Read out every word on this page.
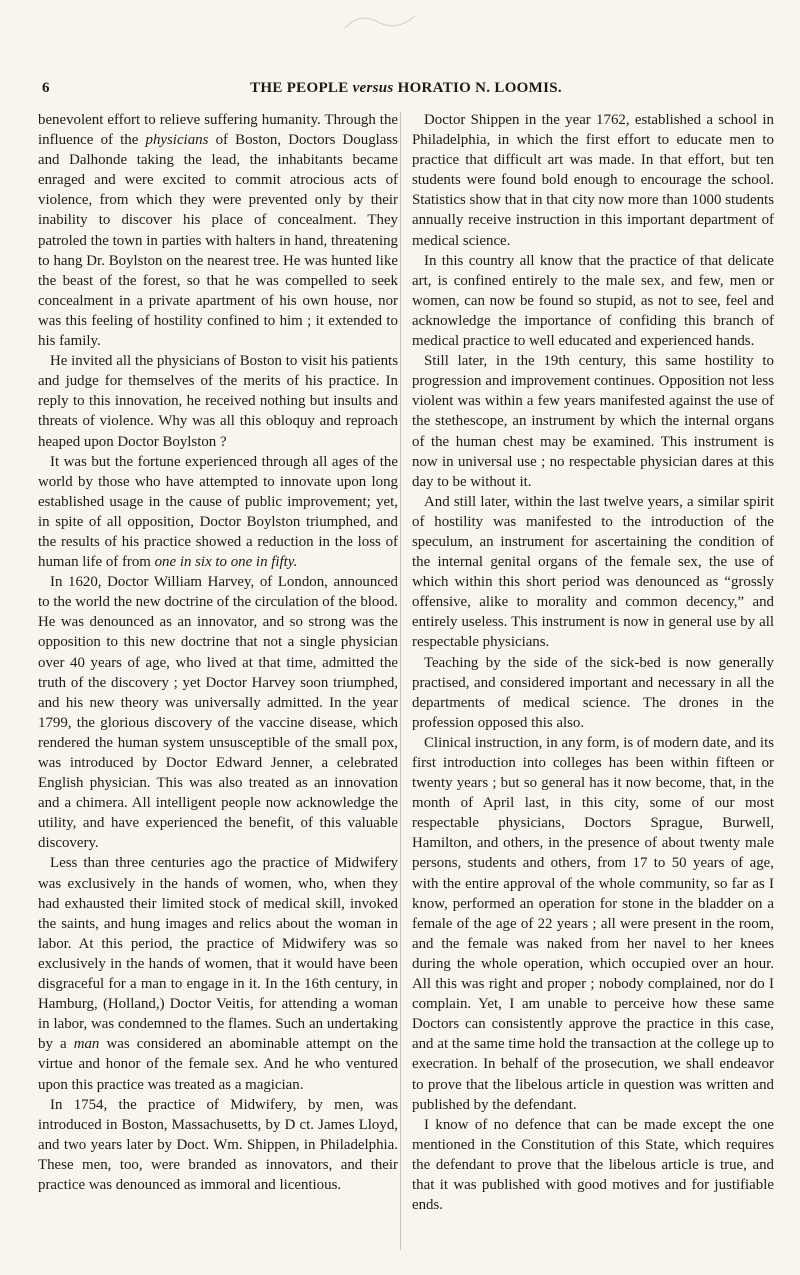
6	THE PEOPLE versus HORATIO N. LOOMIS.

benevolent effort to relieve suffering humanity. Through the influence of the physicians of Boston, Doctors Douglass and Dalhonde taking the lead, the inhabitants became enraged and were excited to commit atrocious acts of violence, from which they were prevented only by their inability to discover his place of concealment. They patroled the town in parties with halters in hand, threatening to hang Dr. Boylston on the nearest tree. He was hunted like the beast of the forest, so that he was compelled to seek concealment in a private apartment of his own house, nor was this feeling of hostility confined to him ; it extended to his family.

He invited all the physicians of Boston to visit his patients and judge for themselves of the merits of his practice. In reply to this innovation, he received nothing but insults and threats of violence. Why was all this obloquy and reproach heaped upon Doctor Boylston ?

It was but the fortune experienced through all ages of the world by those who have attempted to innovate upon long established usage in the cause of public improvement; yet, in spite of all opposition, Doctor Boylston triumphed, and the results of his practice showed a reduction in the loss of human life of from one in six to one in fifty.

In 1620, Doctor William Harvey, of London, announced to the world the new doctrine of the circulation of the blood. He was denounced as an innovator, and so strong was the opposition to this new doctrine that not a single physician over 40 years of age, who lived at that time, admitted the truth of the discovery ; yet Doctor Harvey soon triumphed, and his new theory was universally admitted. In the year 1799, the glorious discovery of the vaccine disease, which rendered the human system unsusceptible of the small pox, was introduced by Doctor Edward Jenner, a celebrated English physician. This was also treated as an innovation and a chimera. All intelligent people now acknowledge the utility, and have experienced the benefit, of this valuable discovery.

Less than three centuries ago the practice of Midwifery was exclusively in the hands of women, who, when they had exhausted their limited stock of medical skill, invoked the saints, and hung images and relics about the woman in labor. At this period, the practice of Midwifery was so exclusively in the hands of women, that it would have been disgraceful for a man to engage in it. In the 16th century, in Hamburg, (Holland,) Doctor Veitis, for attending a woman in labor, was condemned to the flames. Such an undertaking by a man was considered an abominable attempt on the virtue and honor of the female sex. And he who ventured upon this practice was treated as a magician.

In 1754, the practice of Midwifery, by men, was introduced in Boston, Massachusetts, by D ct. James Lloyd, and two years later by Doct. Wm. Shippen, in Philadelphia. These men, too, were branded as innovators, and their practice was denounced as immoral and licentious.

Doctor Shippen in the year 1762, established a school in Philadelphia, in which the first effort to educate men to practice that difficult art was made. In that effort, but ten students were found bold enough to encourage the school. Statistics show that in that city now more than 1000 students annually receive instruction in this important department of medical science.

In this country all know that the practice of that delicate art, is confined entirely to the male sex, and few, men or women, can now be found so stupid, as not to see, feel and acknowledge the importance of confiding this branch of medical practice to well educated and experienced hands.

Still later, in the 19th century, this same hostility to progression and improvement continues. Opposition not less violent was within a few years manifested against the use of the stethescope, an instrument by which the internal organs of the human chest may be examined. This instrument is now in universal use ; no respectable physician dares at this day to be without it.

And still later, within the last twelve years, a similar spirit of hostility was manifested to the introduction of the speculum, an instrument for ascertaining the condition of the internal genital organs of the female sex, the use of which within this short period was denounced as “grossly offensive, alike to morality and common decency,” and entirely useless. This instrument is now in general use by all respectable physicians.

Teaching by the side of the sick-bed is now generally practised, and considered important and necessary in all the departments of medical science. The drones in the profession opposed this also.

Clinical instruction, in any form, is of modern date, and its first introduction into colleges has been within fifteen or twenty years ; but so general has it now become, that, in the month of April last, in this city, some of our most respectable physicians, Doctors Sprague, Burwell, Hamilton, and others, in the presence of about twenty male persons, students and others, from 17 to 50 years of age, with the entire approval of the whole community, so far as I know, performed an operation for stone in the bladder on a female of the age of 22 years ; all were present in the room, and the female was naked from her navel to her knees during the whole operation, which occupied over an hour. All this was right and proper ; nobody complained, nor do I complain. Yet, I am unable to perceive how these same Doctors can consistently approve the practice in this case, and at the same time hold the transaction at the college up to execration. In behalf of the prosecution, we shall endeavor to prove that the libelous article in question was written and published by the defendant.

I know of no defence that can be made except the one mentioned in the Constitution of this State, which requires the defendant to prove that the libelous article is true, and that it was published with good motives and for justifiable ends.
